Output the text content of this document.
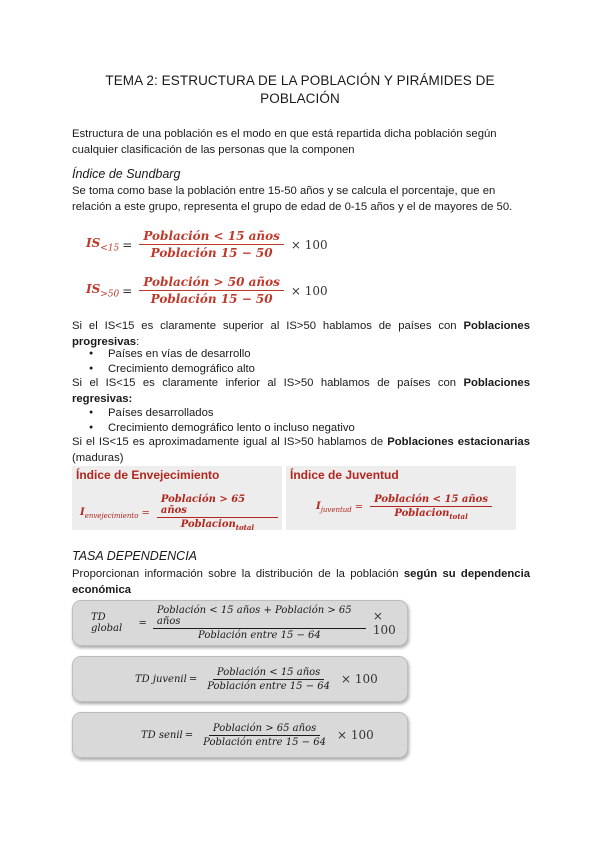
TEMA 2: ESTRUCTURA DE LA POBLACIÓN Y PIRÁMIDES DE
POBLACIÓN
Estructura de una población es el modo en que está repartida dicha población según
cualquier clasificación de las personas que la componen
Índice de Sundbarg
Se toma como base la población entre 15-50 años y se calcula el porcentaje, que en
relación a este grupo, representa el grupo de edad de 0-15 años y el de mayores de 50.
$IS_{<15} = \frac{\text{Población < 15 años}}{\text{Población 15 − 50}} \times 100$
$IS_{>50} = \frac{\text{Población > 50 años}}{\text{Población 15 − 50}} \times 100$
Si el IS<15 es claramente superior al IS>50 hablamos de países con Poblaciones
progresivas:
● Países en vías de desarrollo
● Crecimiento demográfico alto
Si el IS<15 es claramente inferior al IS>50 hablamos de países con Poblaciones
regresivas:
● Países desarrollados
● Crecimiento demográfico lento o incluso negativo
Si el IS<15 es aproximadamente igual al IS>50 hablamos de Poblaciones estacionarias
(maduras)
Índice de Envejecimiento
$I_{envejecimiento} = \frac{\text{Población > 65 años}}{Poblacion_{total}}$
Índice de Juventud
$I_{juventud} = \frac{\text{Población < 15 años}}{Poblacion_{total}}$
TASA DEPENDENCIA
Proporcionan información sobre la distribución de la población según su dependencia
económica
TD global	= $\frac{\text{Población < 15 años + Población > 65 años}}{\text{Población entre 15 − 64}} \times 100$
TD juvenil = $\frac{\text{Población < 15 años}}{\text{Población entre 15 − 64}} \times 100$
TD senil = $\frac{\text{Población > 65 años}}{\text{Población entre 15 − 64}} \times 100$
